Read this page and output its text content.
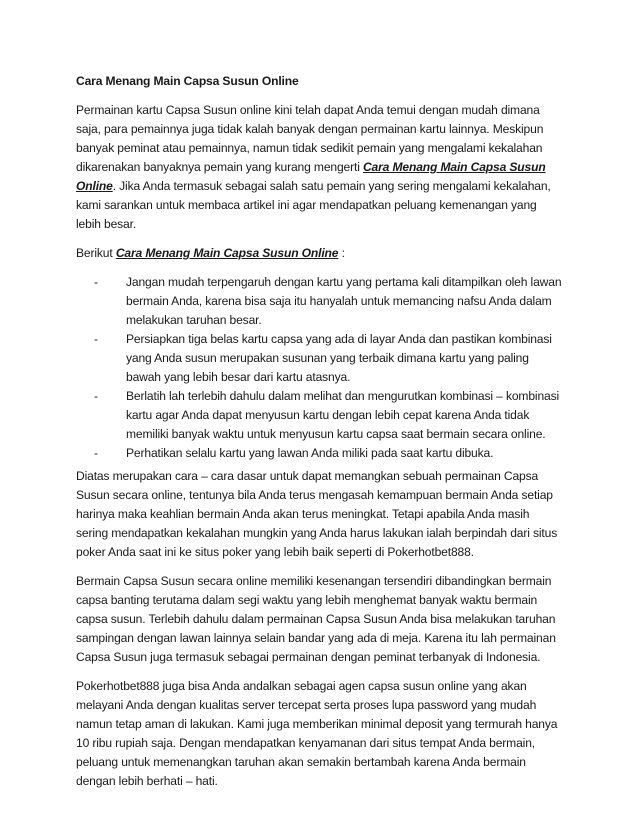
Cara Menang Main Capsa Susun Online

Permainan kartu Capsa Susun online kini telah dapat Anda temui dengan mudah dimana saja, para pemainnya juga tidak kalah banyak dengan permainan kartu lainnya. Meskipun banyak peminat atau pemainnya, namun tidak sedikit pemain yang mengalami kekalahan dikarenakan banyaknya pemain yang kurang mengerti Cara Menang Main Capsa Susun Online. Jika Anda termasuk sebagai salah satu pemain yang sering mengalami kekalahan, kami sarankan untuk membaca artikel ini agar mendapatkan peluang kemenangan yang lebih besar.

Berikut Cara Menang Main Capsa Susun Online :

- Jangan mudah terpengaruh dengan kartu yang pertama kali ditampilkan oleh lawan bermain Anda, karena bisa saja itu hanyalah untuk memancing nafsu Anda dalam melakukan taruhan besar.
- Persiapkan tiga belas kartu capsa yang ada di layar Anda dan pastikan kombinasi yang Anda susun merupakan susunan yang terbaik dimana kartu yang paling bawah yang lebih besar dari kartu atasnya.
- Berlatih lah terlebih dahulu dalam melihat dan mengurutkan kombinasi – kombinasi kartu agar Anda dapat menyusun kartu dengan lebih cepat karena Anda tidak memiliki banyak waktu untuk menyusun kartu capsa saat bermain secara online.
- Perhatikan selalu kartu yang lawan Anda miliki pada saat kartu dibuka.

Diatas merupakan cara – cara dasar untuk dapat memangkan sebuah permainan Capsa Susun secara online, tentunya bila Anda terus mengasah kemampuan bermain Anda setiap harinya maka keahlian bermain Anda akan terus meningkat. Tetapi apabila Anda masih sering mendapatkan kekalahan mungkin yang Anda harus lakukan ialah berpindah dari situs poker Anda saat ini ke situs poker yang lebih baik seperti di Pokerhotbet888.

Bermain Capsa Susun secara online memiliki kesenangan tersendiri dibandingkan bermain capsa banting terutama dalam segi waktu yang lebih menghemat banyak waktu bermain capsa susun. Terlebih dahulu dalam permainan Capsa Susun Anda bisa melakukan taruhan sampingan dengan lawan lainnya selain bandar yang ada di meja. Karena itu lah permainan Capsa Susun juga termasuk sebagai permainan dengan peminat terbanyak di Indonesia.

Pokerhotbet888 juga bisa Anda andalkan sebagai agen capsa susun online yang akan melayani Anda dengan kualitas server tercepat serta proses lupa password yang mudah namun tetap aman di lakukan. Kami juga memberikan minimal deposit yang termurah hanya 10 ribu rupiah saja. Dengan mendapatkan kenyamanan dari situs tempat Anda bermain, peluang untuk memenangkan taruhan akan semakin bertambah karena Anda bermain dengan lebih berhati – hati.
